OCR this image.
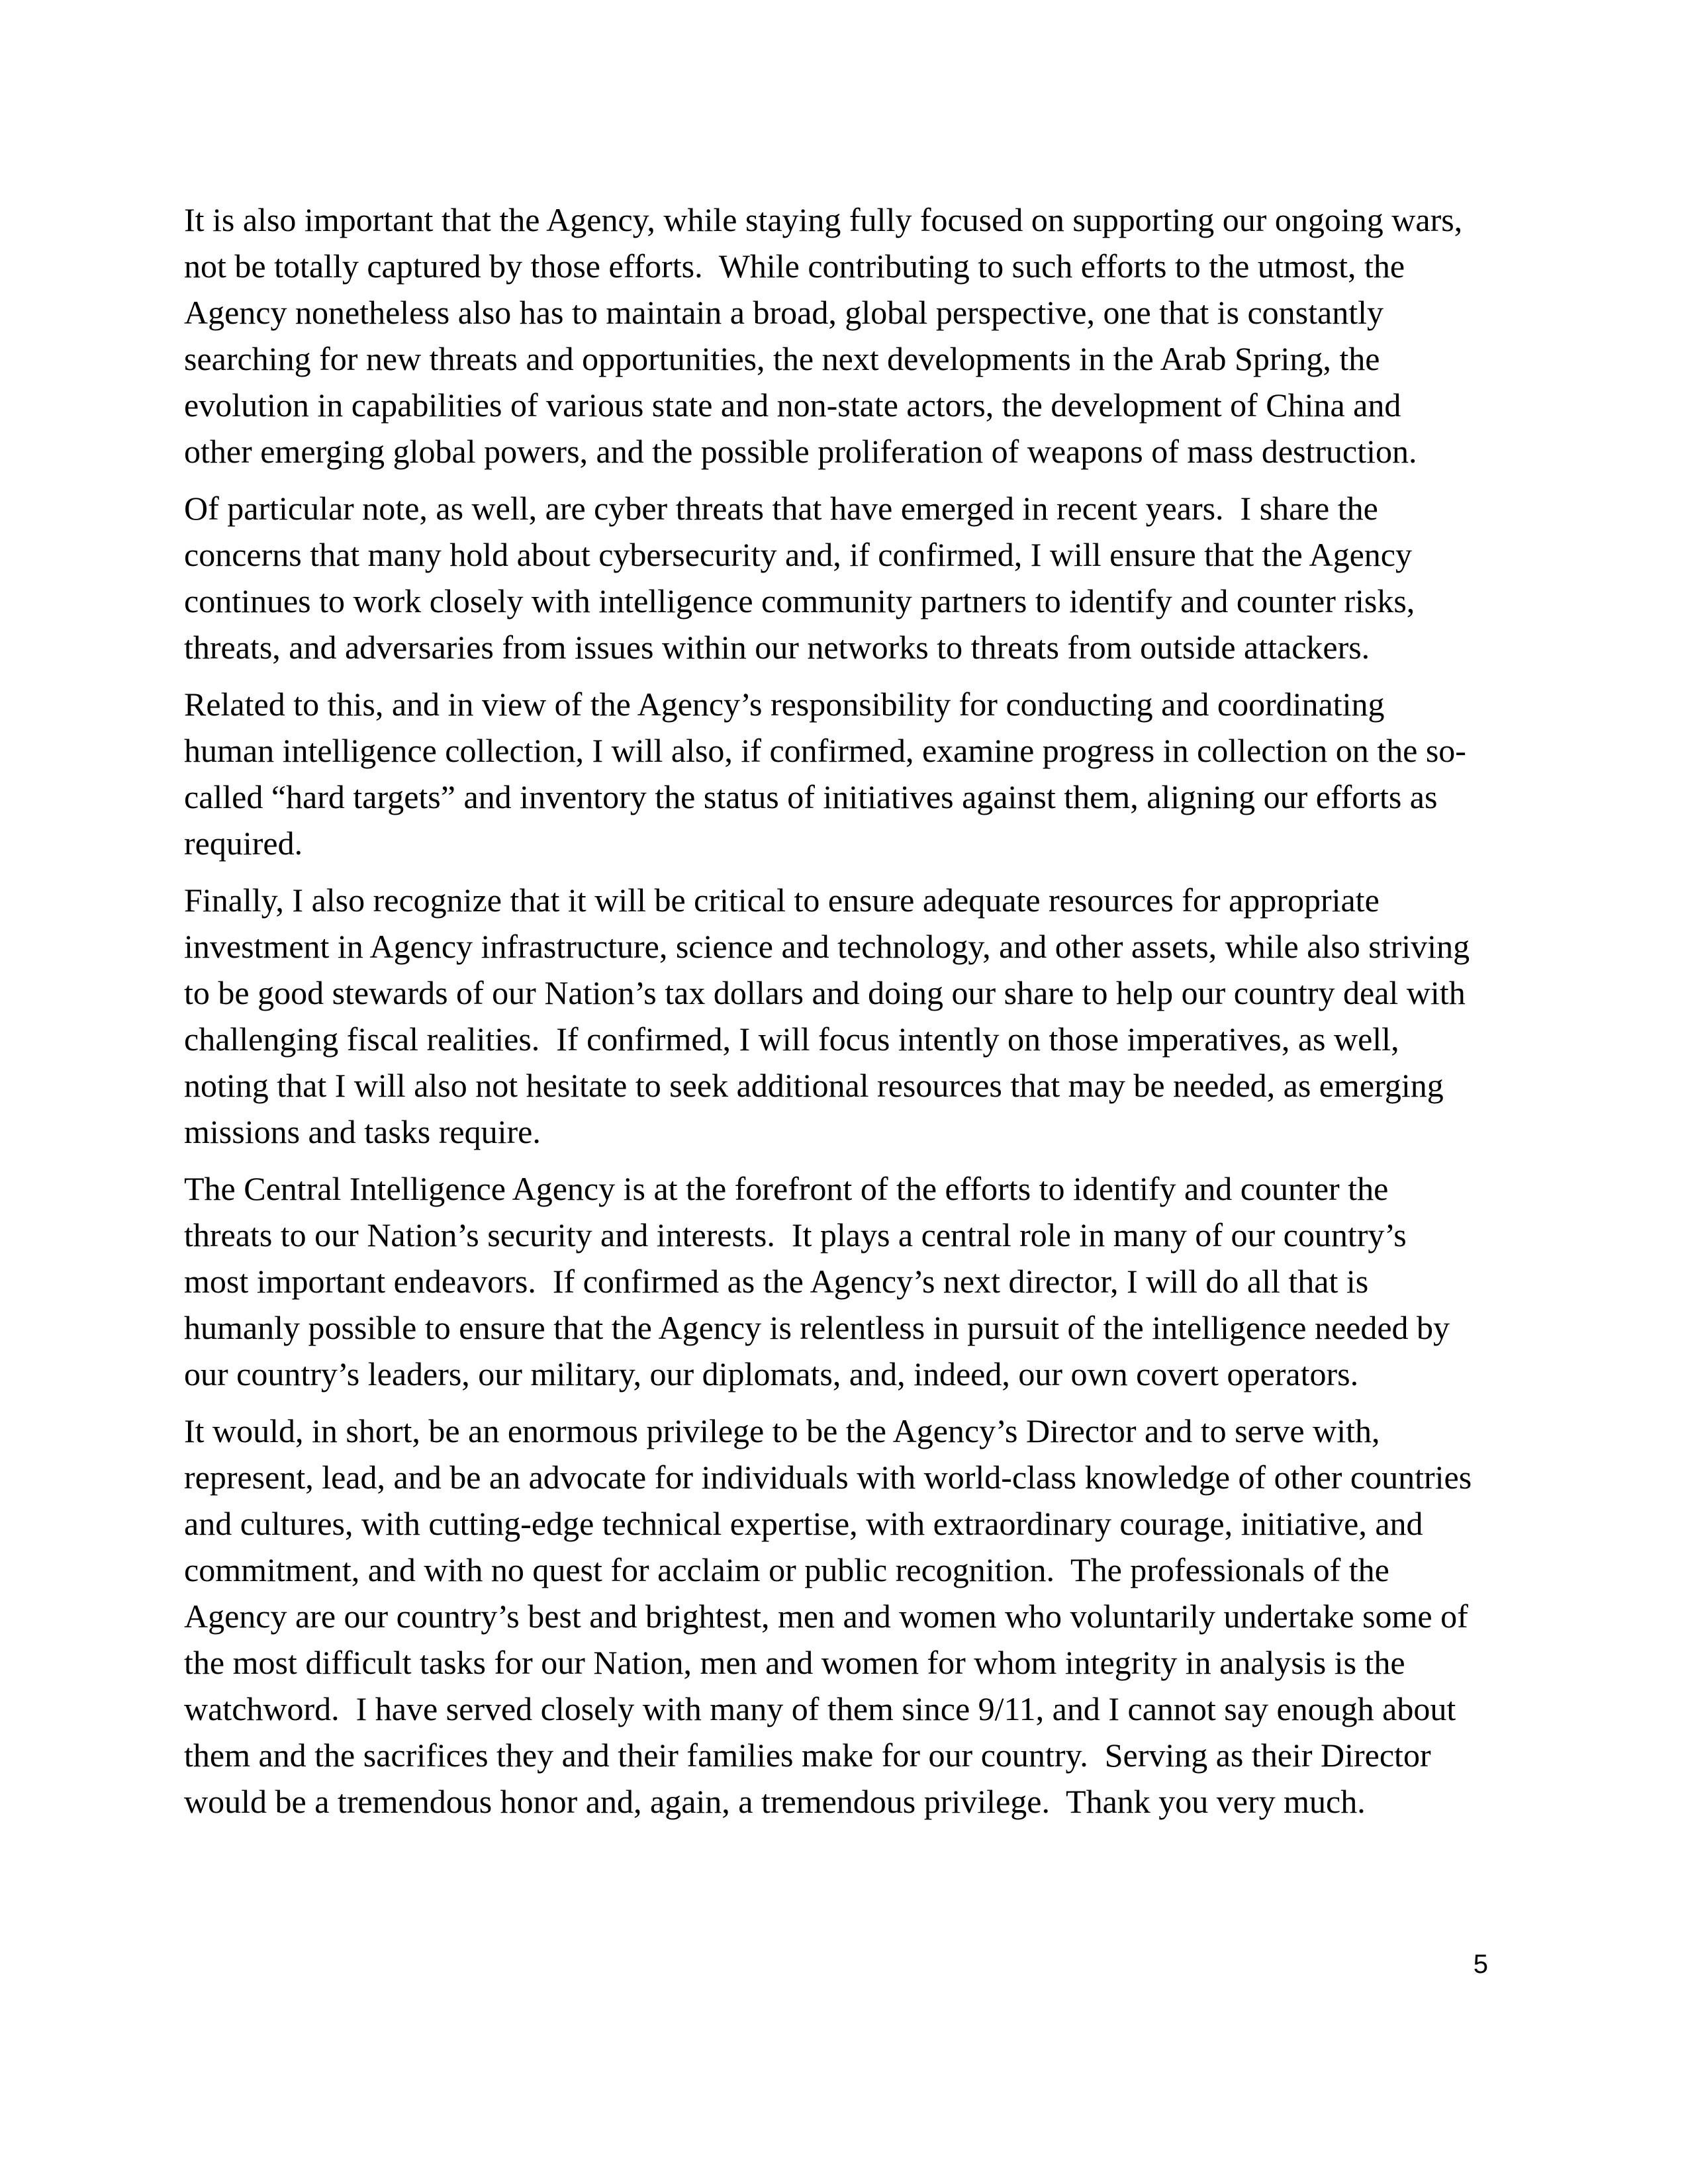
It is also important that the Agency, while staying fully focused on supporting our ongoing wars,
not be totally captured by those efforts.  While contributing to such efforts to the utmost, the
Agency nonetheless also has to maintain a broad, global perspective, one that is constantly
searching for new threats and opportunities, the next developments in the Arab Spring, the
evolution in capabilities of various state and non-state actors, the development of China and
other emerging global powers, and the possible proliferation of weapons of mass destruction.
Of particular note, as well, are cyber threats that have emerged in recent years.  I share the
concerns that many hold about cybersecurity and, if confirmed, I will ensure that the Agency
continues to work closely with intelligence community partners to identify and counter risks,
threats, and adversaries from issues within our networks to threats from outside attackers.
Related to this, and in view of the Agency’s responsibility for conducting and coordinating
human intelligence collection, I will also, if confirmed, examine progress in collection on the so-
called “hard targets” and inventory the status of initiatives against them, aligning our efforts as
required.
Finally, I also recognize that it will be critical to ensure adequate resources for appropriate
investment in Agency infrastructure, science and technology, and other assets, while also striving
to be good stewards of our Nation’s tax dollars and doing our share to help our country deal with
challenging fiscal realities.  If confirmed, I will focus intently on those imperatives, as well,
noting that I will also not hesitate to seek additional resources that may be needed, as emerging
missions and tasks require.
The Central Intelligence Agency is at the forefront of the efforts to identify and counter the
threats to our Nation’s security and interests.  It plays a central role in many of our country’s
most important endeavors.  If confirmed as the Agency’s next director, I will do all that is
humanly possible to ensure that the Agency is relentless in pursuit of the intelligence needed by
our country’s leaders, our military, our diplomats, and, indeed, our own covert operators.
It would, in short, be an enormous privilege to be the Agency’s Director and to serve with,
represent, lead, and be an advocate for individuals with world-class knowledge of other countries
and cultures, with cutting-edge technical expertise, with extraordinary courage, initiative, and
commitment, and with no quest for acclaim or public recognition.  The professionals of the
Agency are our country’s best and brightest, men and women who voluntarily undertake some of
the most difficult tasks for our Nation, men and women for whom integrity in analysis is the
watchword.  I have served closely with many of them since 9/11, and I cannot say enough about
them and the sacrifices they and their families make for our country.  Serving as their Director
would be a tremendous honor and, again, a tremendous privilege.  Thank you very much.
5
